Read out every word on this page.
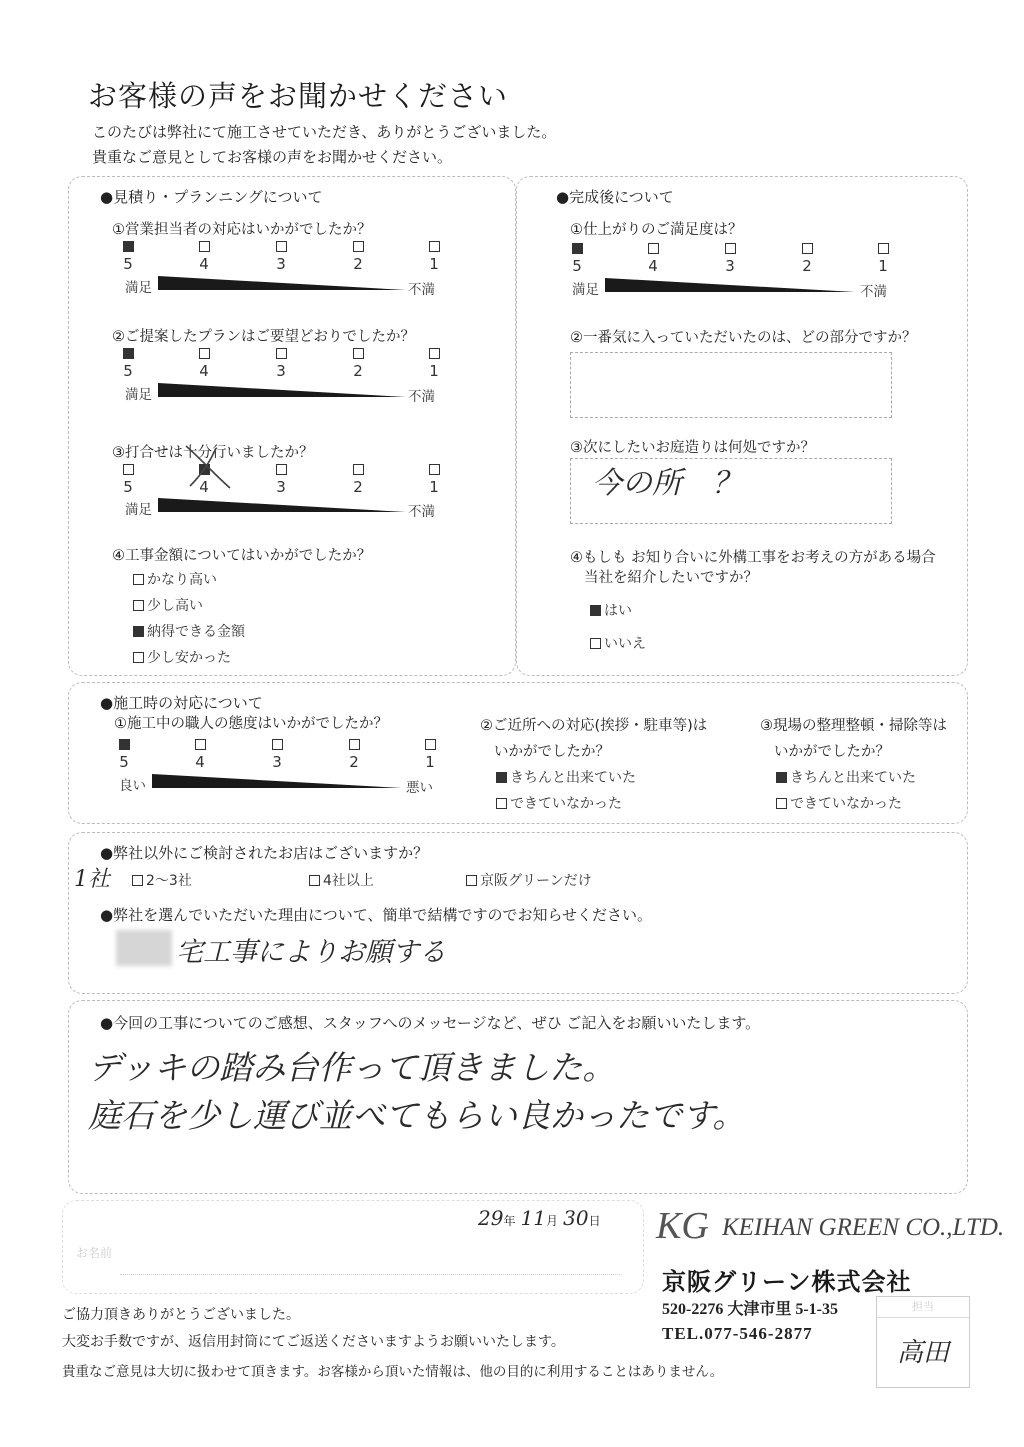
お客様の声をお聞かせください
このたびは弊社にて施工させていただき、ありがとうございました。
貴重なご意見としてお客様の声をお聞かせください。
●見積り・プランニングについて
①営業担当者の対応はいかがでしたか？
5	4	3	2	1
満足	不満
②ご提案したプランはご要望どおりでしたか？
5	4	3	2	1
満足	不満
③打合せは十分行いましたか？
5	4	3	2	1
満足	不満
④工事金額についてはいかがでしたか？
かなり高い
少し高い
納得できる金額
少し安かった
●完成後について
①仕上がりのご満足度は？
5	4	3	2	1
満足	不満
②一番気に入っていただいたのは、どの部分ですか？
③次にしたいお庭造りは何処ですか？
今の所　？
④もしも お知り合いに外構工事をお考えの方がある場合
当社を紹介したいですか？
はい
いいえ
●施工時の対応について
①施工中の職人の態度はいかがでしたか？
5	4	3	2	1
良い	悪い
②ご近所への対応(挨拶・駐車等)は
いかがでしたか？
きちんと出来ていた
できていなかった
③現場の整理整頓・掃除等は
いかがでしたか？
きちんと出来ていた
できていなかった
●弊社以外にご検討されたお店はございますか？
1社	2～3社	4社以上	京阪グリーンだけ
●弊社を選んでいただいた理由について、簡単で結構ですのでお知らせください。
宅工事によりお願する
●今回の工事についてのご感想、スタッフへのメッセージなど、ぜひ ご記入をお願いいたします。
デッキの踏み台作って頂きました。
庭石を少し運び並べてもらい良かったです。
29年 11月 30日
お名前
KG KEIHAN GREEN CO.,LTD.
京阪グリーン株式会社
520-2276 大津市里 5-1-35
TEL.077-546-2877
担当
高田
ご協力頂きありがとうございました。
大変お手数ですが、返信用封筒にてご返送くださいますようお願いいたします。
貴重なご意見は大切に扱わせて頂きます。お客様から頂いた情報は、他の目的に利用することはありません。
